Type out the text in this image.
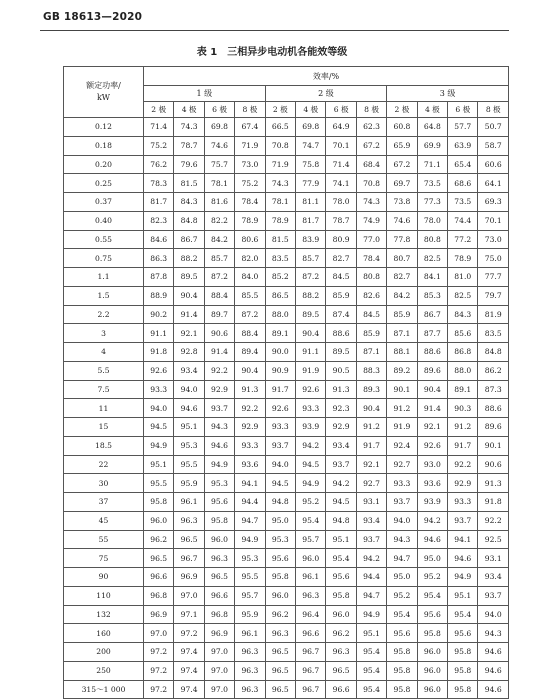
GB 18613—2020
表 1　三相异步电动机各能效等级
额定功率/
kW	效率/%											
	1 级				2 级				3 级			
	2 极	4 极	6 极	8 极	2 极	4 极	6 极	8 极	2 极	4 极	6 极	8 极
0.12	71.4	74.3	69.8	67.4	66.5	69.8	64.9	62.3	60.8	64.8	57.7	50.7
0.18	75.2	78.7	74.6	71.9	70.8	74.7	70.1	67.2	65.9	69.9	63.9	58.7
0.20	76.2	79.6	75.7	73.0	71.9	75.8	71.4	68.4	67.2	71.1	65.4	60.6
0.25	78.3	81.5	78.1	75.2	74.3	77.9	74.1	70.8	69.7	73.5	68.6	64.1
0.37	81.7	84.3	81.6	78.4	78.1	81.1	78.0	74.3	73.8	77.3	73.5	69.3
0.40	82.3	84.8	82.2	78.9	78.9	81.7	78.7	74.9	74.6	78.0	74.4	70.1
0.55	84.6	86.7	84.2	80.6	81.5	83.9	80.9	77.0	77.8	80.8	77.2	73.0
0.75	86.3	88.2	85.7	82.0	83.5	85.7	82.7	78.4	80.7	82.5	78.9	75.0
1.1	87.8	89.5	87.2	84.0	85.2	87.2	84.5	80.8	82.7	84.1	81.0	77.7
1.5	88.9	90.4	88.4	85.5	86.5	88.2	85.9	82.6	84.2	85.3	82.5	79.7
2.2	90.2	91.4	89.7	87.2	88.0	89.5	87.4	84.5	85.9	86.7	84.3	81.9
3	91.1	92.1	90.6	88.4	89.1	90.4	88.6	85.9	87.1	87.7	85.6	83.5
4	91.8	92.8	91.4	89.4	90.0	91.1	89.5	87.1	88.1	88.6	86.8	84.8
5.5	92.6	93.4	92.2	90.4	90.9	91.9	90.5	88.3	89.2	89.6	88.0	86.2
7.5	93.3	94.0	92.9	91.3	91.7	92.6	91.3	89.3	90.1	90.4	89.1	87.3
11	94.0	94.6	93.7	92.2	92.6	93.3	92.3	90.4	91.2	91.4	90.3	88.6
15	94.5	95.1	94.3	92.9	93.3	93.9	92.9	91.2	91.9	92.1	91.2	89.6
18.5	94.9	95.3	94.6	93.3	93.7	94.2	93.4	91.7	92.4	92.6	91.7	90.1
22	95.1	95.5	94.9	93.6	94.0	94.5	93.7	92.1	92.7	93.0	92.2	90.6
30	95.5	95.9	95.3	94.1	94.5	94.9	94.2	92.7	93.3	93.6	92.9	91.3
37	95.8	96.1	95.6	94.4	94.8	95.2	94.5	93.1	93.7	93.9	93.3	91.8
45	96.0	96.3	95.8	94.7	95.0	95.4	94.8	93.4	94.0	94.2	93.7	92.2
55	96.2	96.5	96.0	94.9	95.3	95.7	95.1	93.7	94.3	94.6	94.1	92.5
75	96.5	96.7	96.3	95.3	95.6	96.0	95.4	94.2	94.7	95.0	94.6	93.1
90	96.6	96.9	96.5	95.5	95.8	96.1	95.6	94.4	95.0	95.2	94.9	93.4
110	96.8	97.0	96.6	95.7	96.0	96.3	95.8	94.7	95.2	95.4	95.1	93.7
132	96.9	97.1	96.8	95.9	96.2	96.4	96.0	94.9	95.4	95.6	95.4	94.0
160	97.0	97.2	96.9	96.1	96.3	96.6	96.2	95.1	95.6	95.8	95.6	94.3
200	97.2	97.4	97.0	96.3	96.5	96.7	96.3	95.4	95.8	96.0	95.8	94.6
250	97.2	97.4	97.0	96.3	96.5	96.7	96.5	95.4	95.8	96.0	95.8	94.6
315～1 000	97.2	97.4	97.0	96.3	96.5	96.7	96.6	95.4	95.8	96.0	95.8	94.6
